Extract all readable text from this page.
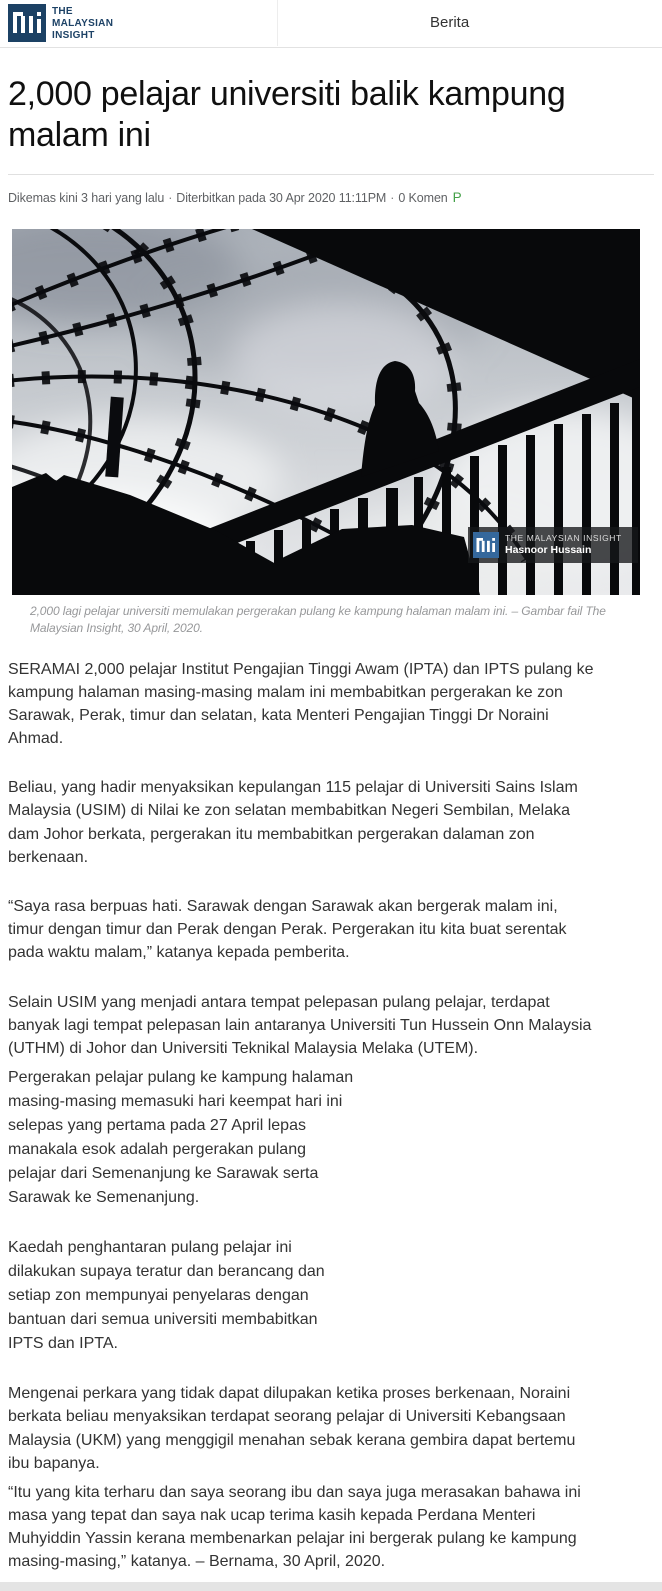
THE
MALAYSIAN
INSIGHT
Berita
2,000 pelajar universiti balik kampung malam ini
Dikemas kini 3 hari yang lalu · Diterbitkan pada 30 Apr 2020 11:11PM · 0 Komen P
THE MALAYSIAN INSIGHT
Hasnoor Hussain
2,000 lagi pelajar universiti memulakan pergerakan pulang ke kampung halaman malam ini. – Gambar fail The Malaysian Insight, 30 April, 2020.

SERAMAI 2,000 pelajar Institut Pengajian Tinggi Awam (IPTA) dan IPTS pulang ke kampung halaman masing-masing malam ini membabitkan pergerakan ke zon Sarawak, Perak, timur dan selatan, kata Menteri Pengajian Tinggi Dr Noraini Ahmad.

Beliau, yang hadir menyaksikan kepulangan 115 pelajar di Universiti Sains Islam Malaysia (USIM) di Nilai ke zon selatan membabitkan Negeri Sembilan, Melaka dam Johor berkata, pergerakan itu membabitkan pergerakan dalaman zon berkenaan.

“Saya rasa berpuas hati. Sarawak dengan Sarawak akan bergerak malam ini, timur dengan timur dan Perak dengan Perak. Pergerakan itu kita buat serentak pada waktu malam,” katanya kepada pemberita.

Selain USIM yang menjadi antara tempat pelepasan pulang pelajar, terdapat banyak lagi tempat pelepasan lain antaranya Universiti Tun Hussein Onn Malaysia (UTHM) di Johor dan Universiti Teknikal Malaysia Melaka (UTEM).

Pergerakan pelajar pulang ke kampung halaman masing-masing memasuki hari keempat hari ini selepas yang pertama pada 27 April lepas manakala esok adalah pergerakan pulang pelajar dari Semenanjung ke Sarawak serta Sarawak ke Semenanjung.

Kaedah penghantaran pulang pelajar ini dilakukan supaya teratur dan berancang dan setiap zon mempunyai penyelaras dengan bantuan dari semua universiti membabitkan IPTS dan IPTA.

Mengenai perkara yang tidak dapat dilupakan ketika proses berkenaan, Noraini berkata beliau menyaksikan terdapat seorang pelajar di Universiti Kebangsaan Malaysia (UKM) yang menggigil menahan sebak kerana gembira dapat bertemu ibu bapanya.

“Itu yang kita terharu dan saya seorang ibu dan saya juga merasakan bahawa ini masa yang tepat dan saya nak ucap terima kasih kepada Perdana Menteri Muhyiddin Yassin kerana membenarkan pelajar ini bergerak pulang ke kampung masing-masing,” katanya. – Bernama, 30 April, 2020.
